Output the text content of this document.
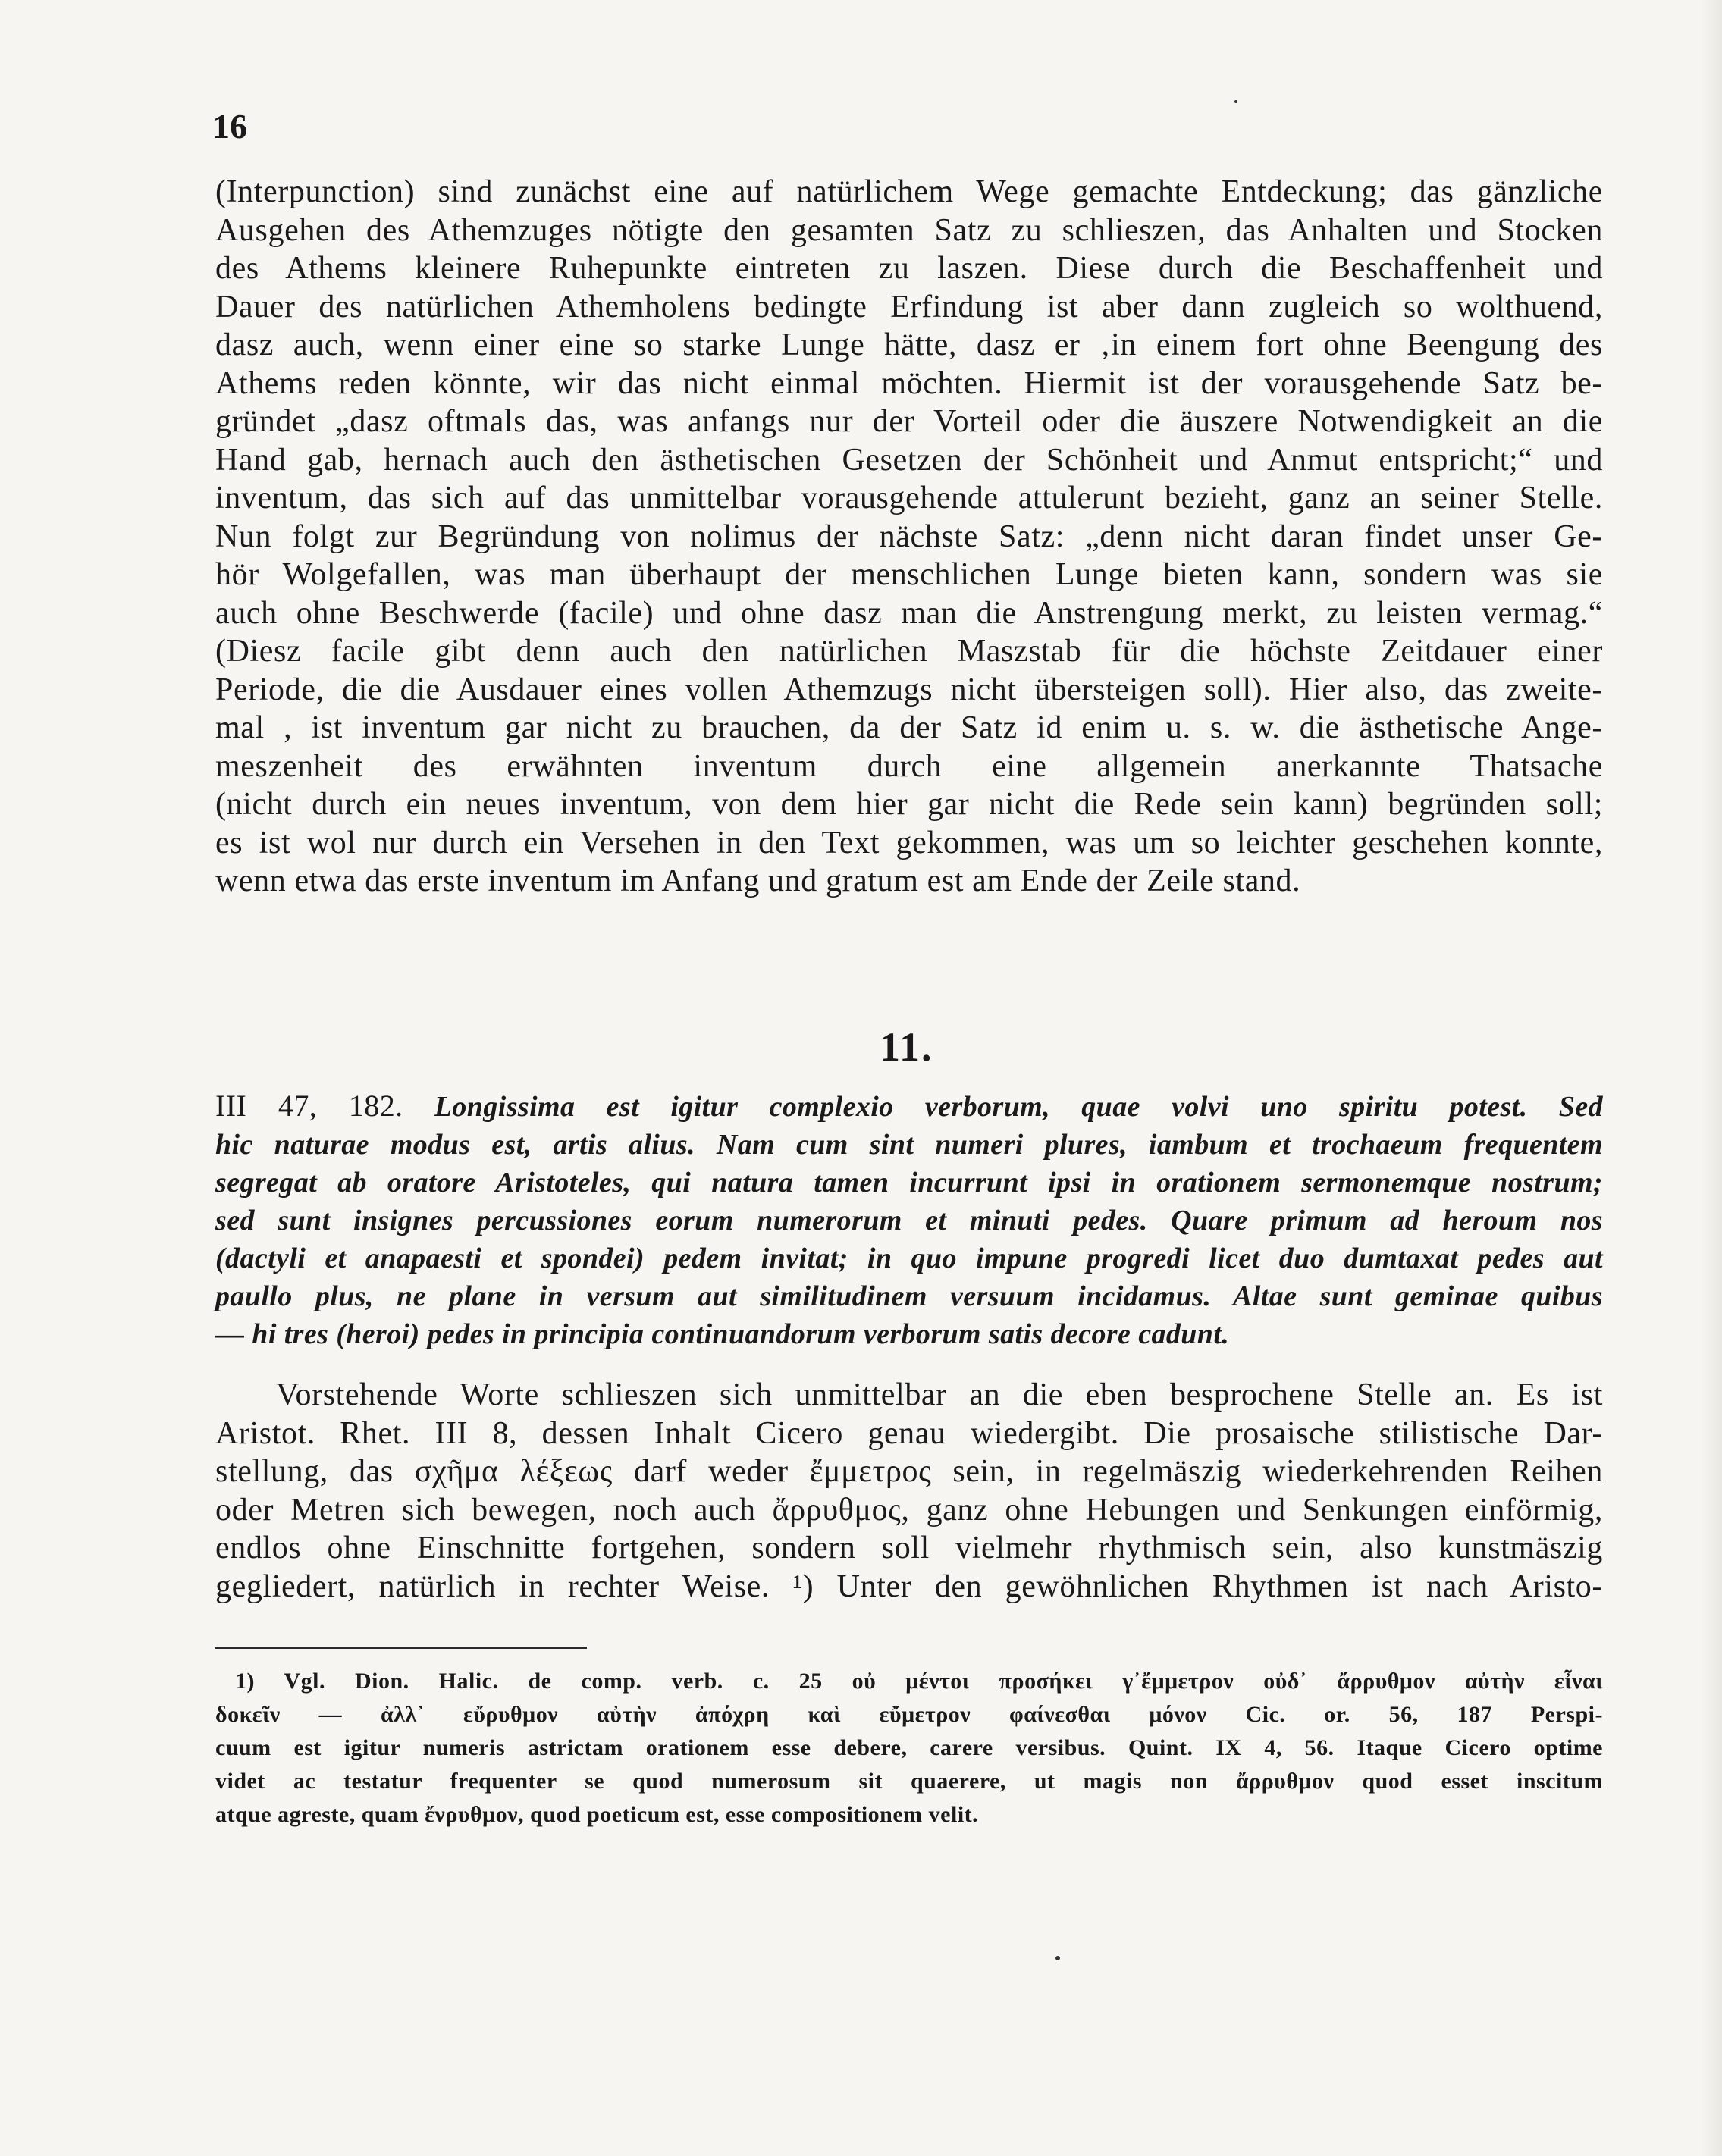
16
(Interpunction) sind zunächst eine auf natürlichem Wege gemachte Entdeckung; das gänzliche
Ausgehen des Athemzuges nötigte den gesamten Satz zu schlieszen, das Anhalten und Stocken
des Athems kleinere Ruhepunkte eintreten zu laszen. Diese durch die Beschaffenheit und
Dauer des natürlichen Athemholens bedingte Erfindung ist aber dann zugleich so wolthuend,
dasz auch, wenn einer eine so starke Lunge hätte, dasz er ‚in einem fort ohne Beengung des
Athems reden könnte, wir das nicht einmal möchten. Hiermit ist der vorausgehende Satz be-
gründet „dasz oftmals das, was anfangs nur der Vorteil oder die äuszere Notwendigkeit an die
Hand gab, hernach auch den ästhetischen Gesetzen der Schönheit und Anmut entspricht;“ und
inventum, das sich auf das unmittelbar vorausgehende attulerunt bezieht, ganz an seiner Stelle.
Nun folgt zur Begründung von nolimus der nächste Satz: „denn nicht daran findet unser Ge-
hör Wolgefallen, was man überhaupt der menschlichen Lunge bieten kann, sondern was sie
auch ohne Beschwerde (facile) und ohne dasz man die Anstrengung merkt, zu leisten vermag.“
(Diesz facile gibt denn auch den natürlichen Maszstab für die höchste Zeitdauer einer
Periode, die die Ausdauer eines vollen Athemzugs nicht übersteigen soll). Hier also, das zweite-
mal , ist inventum gar nicht zu brauchen, da der Satz id enim u. s. w. die ästhetische Ange-
meszenheit des erwähnten inventum durch eine allgemein anerkannte Thatsache
(nicht durch ein neues inventum, von dem hier gar nicht die Rede sein kann) begründen soll;
es ist wol nur durch ein Versehen in den Text gekommen, was um so leichter geschehen konnte,
wenn etwa das erste inventum im Anfang und gratum est am Ende der Zeile stand.
11.
III 47, 182. Longissima est igitur complexio verborum, quae volvi uno spiritu potest. Sed
hic naturae modus est, artis alius. Nam cum sint numeri plures, iambum et trochaeum frequentem
segregat ab oratore Aristoteles, qui natura tamen incurrunt ipsi in orationem sermonemque nostrum;
sed sunt insignes percussiones eorum numerorum et minuti pedes. Quare primum ad heroum nos
(dactyli et anapaesti et spondei) pedem invitat; in quo impune progredi licet duo dumtaxat pedes aut
paullo plus, ne plane in versum aut similitudinem versuum incidamus. Altae sunt geminae quibus
— hi tres (heroi) pedes in principia continuandorum verborum satis decore cadunt.
Vorstehende Worte schlieszen sich unmittelbar an die eben besprochene Stelle an. Es ist
Aristot. Rhet. III 8, dessen Inhalt Cicero genau wiedergibt. Die prosaische stilistische Dar-
stellung, das σχῆμα λέξεως darf weder ἔμμετρος sein, in regelmäszig wiederkehrenden Reihen
oder Metren sich bewegen, noch auch ἄρρυθμος, ganz ohne Hebungen und Senkungen einförmig,
endlos ohne Einschnitte fortgehen, sondern soll vielmehr rhythmisch sein, also kunstmäszig
gegliedert, natürlich in rechter Weise. ¹) Unter den gewöhnlichen Rhythmen ist nach Aristo-
1) Vgl. Dion. Halic. de comp. verb. c. 25 οὐ μέντοι προσήκει γ᾽ἔμμετρον οὐδ᾽ ἄρρυθμον αὐτὴν εἶναι
δοκεῖν — ἀλλ᾽ εὔρυθμον αὐτὴν ἀπόχρη καὶ εὔμετρον φαίνεσθαι μόνον Cic. or. 56, 187 Perspi-
cuum est igitur numeris astrictam orationem esse debere, carere versibus. Quint. IX 4, 56. Itaque Cicero optime
videt ac testatur frequenter se quod numerosum sit quaerere, ut magis non ἄρρυθμον quod esset inscitum
atque agreste, quam ἔνρυθμον, quod poeticum est, esse compositionem velit.
